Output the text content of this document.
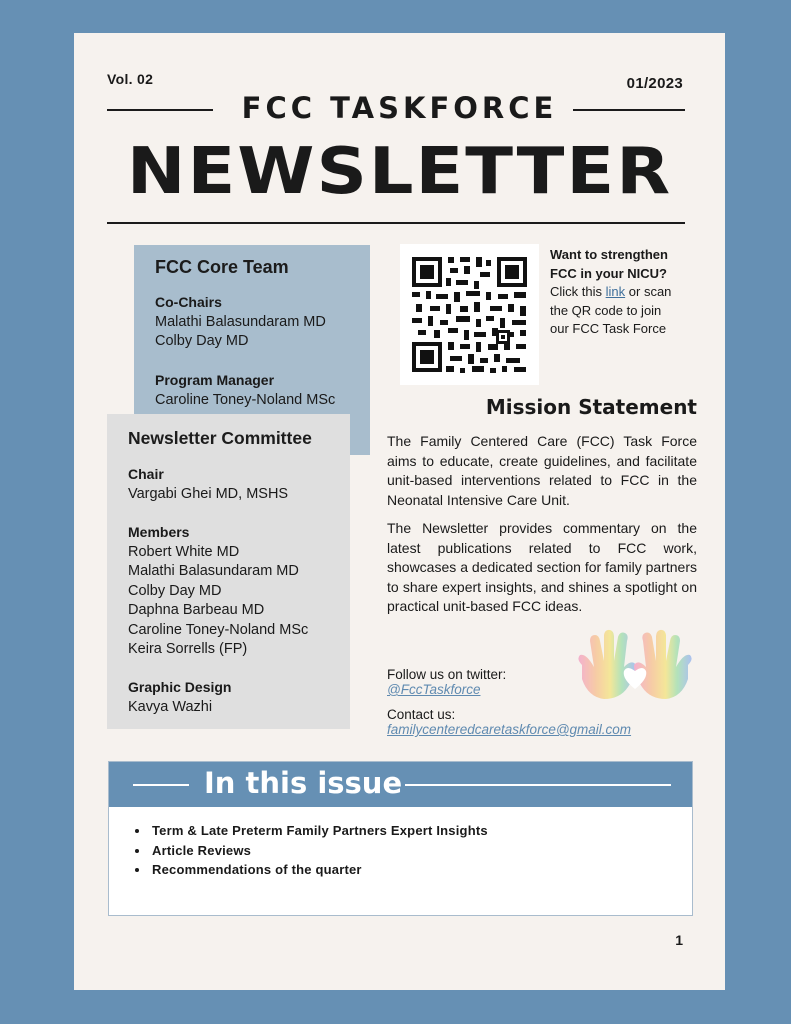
Vol. 02	01/2023
FCC TASKFORCE
NEWSLETTER
FCC Core Team
Co-Chairs
Malathi Balasundaram MD
Colby Day MD
Program Manager
Caroline Toney-Noland MSc
Newsletter Committee
Chair
Vargabi Ghei MD, MSHS
Members
Robert White MD
Malathi Balasundaram MD
Colby Day MD
Daphna Barbeau MD
Caroline Toney-Noland MSc
Keira Sorrells (FP)
Graphic Design
Kavya Wazhi
Want to strengthen
FCC in your NICU?
Click this link or scan the QR code to join our FCC Task Force
Mission Statement
The Family Centered Care (FCC) Task Force aims to educate, create guidelines, and facilitate unit-based interventions related to FCC in the Neonatal Intensive Care Unit.
The Newsletter provides commentary on the latest publications related to FCC work, showcases a dedicated section for family partners to share expert insights, and shines a spotlight on practical unit-based FCC ideas.
Follow us on twitter:
@FccTaskforce
Contact us:
familycenteredcaretaskforce@gmail.com
In this issue
• Term & Late Preterm Family Partners Expert Insights
• Article Reviews
• Recommendations of the quarter
1
